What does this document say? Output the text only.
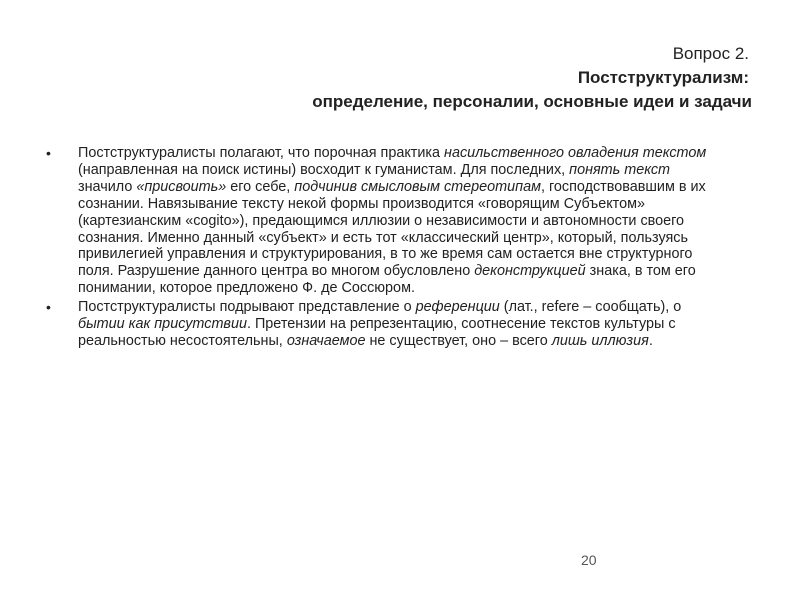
Вопрос 2.
Постструктурализм:
определение, персоналии, основные идеи и задачи
• Постструктуралисты полагают, что порочная практика насильственного овладения текстом (направленная на поиск истины) восходит к гуманистам. Для последних, понять текст значило «присвоить» его себе, подчинив смысловым стереотипам, господствовавшим в их сознании. Навязывание тексту некой формы производится «говорящим Субъектом» (картезианским «cogito»), предающимся иллюзии о независимости и автономности своего сознания. Именно данный «субъект» и есть тот «классический центр», который, пользуясь привилегией управления и структурирования, в то же время сам остается вне структурного поля. Разрушение данного центра во многом обусловлено деконструкцией знака, в том его понимании, которое предложено Ф. де Соссюром.
• Постструктуралисты подрывают представление о референции (лат., refere – сообщать), о бытии как присутствии. Претензии на репрезентацию, соотнесение текстов культуры с реальностью несостоятельны, означаемое не существует, оно – всего лишь иллюзия.
20
